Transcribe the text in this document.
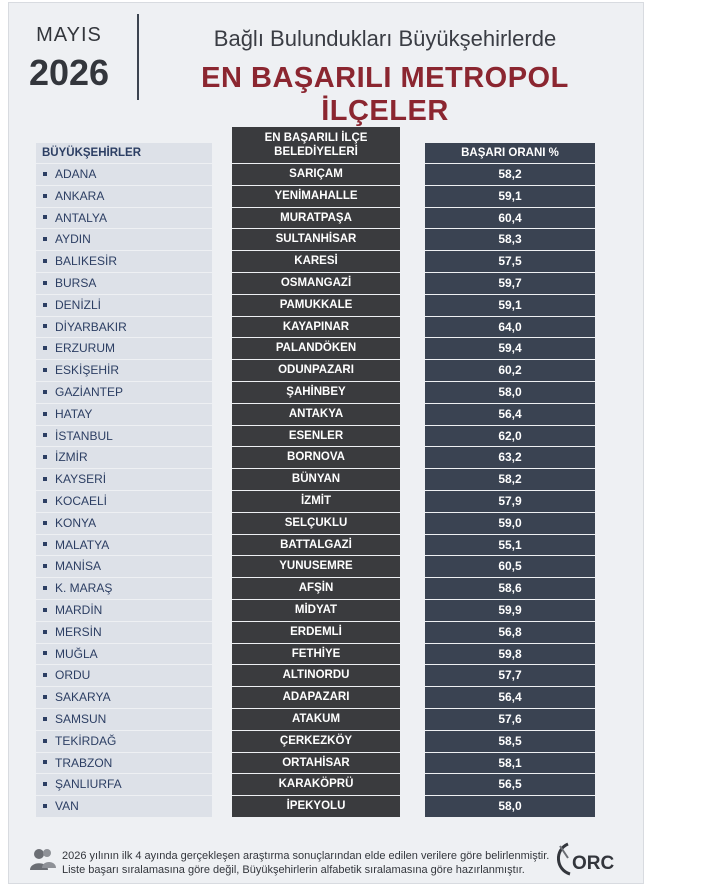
MAYIS
2026
Bağlı Bulundukları Büyükşehirlerde
EN BAŞARILI METROPOL İLÇELER
BÜYÜKŞEHİRLER
ADANA
ANKARA
ANTALYA
AYDIN
BALIKESİR
BURSA
DENİZLİ
DİYARBAKIR
ERZURUM
ESKİŞEHİR
GAZİANTEP
HATAY
İSTANBUL
İZMİR
KAYSERİ
KOCAELİ
KONYA
MALATYA
MANİSA
K. MARAŞ
MARDİN
MERSİN
MUĞLA
ORDU
SAKARYA
SAMSUN
TEKİRDAĞ
TRABZON
ŞANLIURFA
VAN
EN BAŞARILI İLÇE
BELEDİYELERİ
SARIÇAM
YENİMAHALLE
MURATPAŞA
SULTANHİSAR
KARESİ
OSMANGAZİ
PAMUKKALE
KAYAPINAR
PALANDÖKEN
ODUNPAZARI
ŞAHİNBEY
ANTAKYA
ESENLER
BORNOVA
BÜNYAN
İZMİT
SELÇUKLU
BATTALGAZİ
YUNUSEMRE
AFŞİN
MİDYAT
ERDEMLİ
FETHİYE
ALTINORDU
ADAPAZARI
ATAKUM
ÇERKEZKÖY
ORTAHİSAR
KARAKÖPRÜ
İPEKYOLU
BAŞARI ORANI %
58,2
59,1
60,4
58,3
57,5
59,7
59,1
64,0
59,4
60,2
58,0
56,4
62,0
63,2
58,2
57,9
59,0
55,1
60,5
58,6
59,9
56,8
59,8
57,7
56,4
57,6
58,5
58,1
56,5
58,0
2026 yılının ilk 4 ayında gerçekleşen araştırma sonuçlarından elde edilen verilere göre belirlenmiştir.
Liste başarı sıralamasına göre değil, Büyükşehirlerin alfabetik sıralamasına göre hazırlanmıştır.	ORC
